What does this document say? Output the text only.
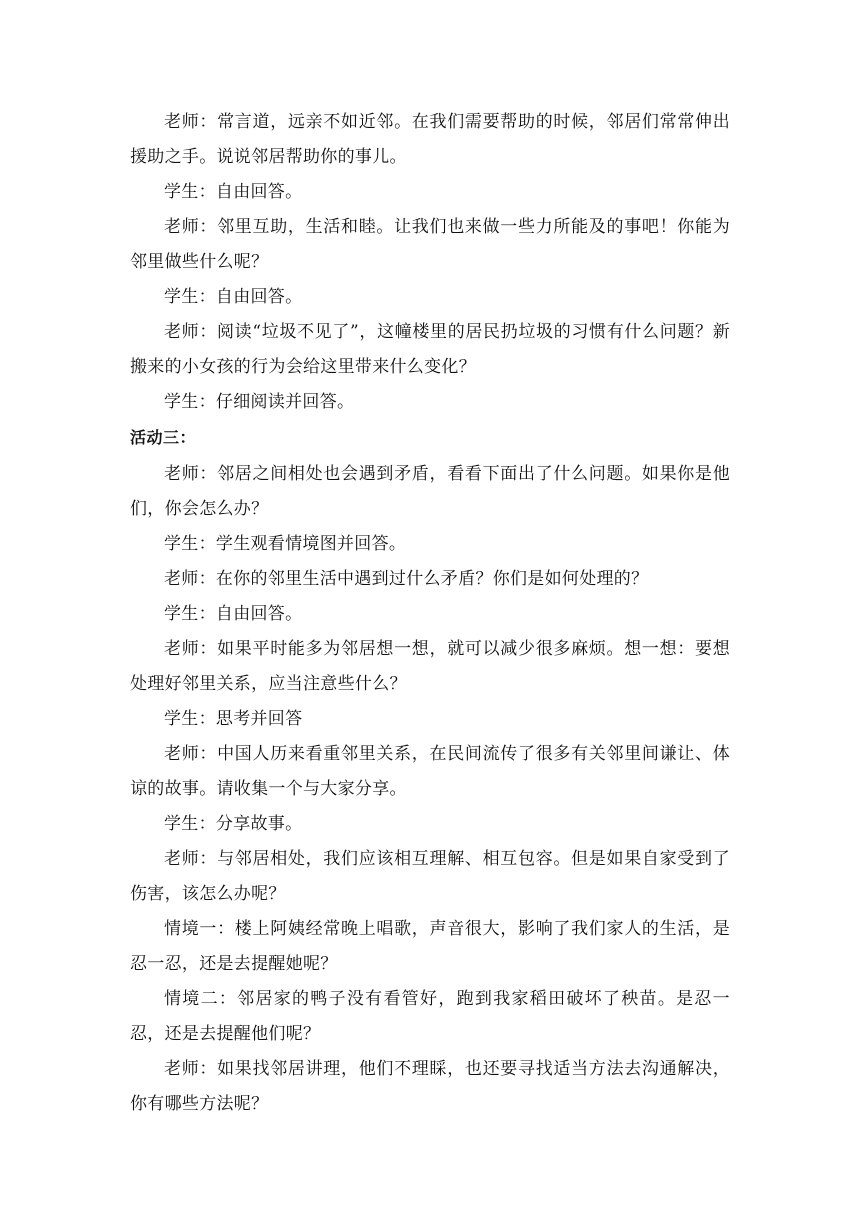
老师：常言道，远亲不如近邻。在我们需要帮助的时候，邻居们常常伸出援助之手。说说邻居帮助你的事儿。

学生：自由回答。

老师：邻里互助，生活和睦。让我们也来做一些力所能及的事吧！你能为邻里做些什么呢？

学生：自由回答。

老师：阅读“垃圾不见了”，这幢楼里的居民扔垃圾的习惯有什么问题？新搬来的小女孩的行为会给这里带来什么变化？

学生：仔细阅读并回答。

活动三：

老师：邻居之间相处也会遇到矛盾，看看下面出了什么问题。如果你是他们，你会怎么办？

学生：学生观看情境图并回答。

老师：在你的邻里生活中遇到过什么矛盾？你们是如何处理的？

学生：自由回答。

老师：如果平时能多为邻居想一想，就可以减少很多麻烦。想一想：要想处理好邻里关系，应当注意些什么？

学生：思考并回答

老师：中国人历来看重邻里关系，在民间流传了很多有关邻里间谦让、体谅的故事。请收集一个与大家分享。

学生：分享故事。

老师：与邻居相处，我们应该相互理解、相互包容。但是如果自家受到了伤害，该怎么办呢？

情境一：楼上阿姨经常晚上唱歌，声音很大，影响了我们家人的生活，是忍一忍，还是去提醒她呢？

情境二：邻居家的鸭子没有看管好，跑到我家稻田破坏了秧苗。是忍一忍，还是去提醒他们呢？

老师：如果找邻居讲理，他们不理睬，也还要寻找适当方法去沟通解决，你有哪些方法呢？
